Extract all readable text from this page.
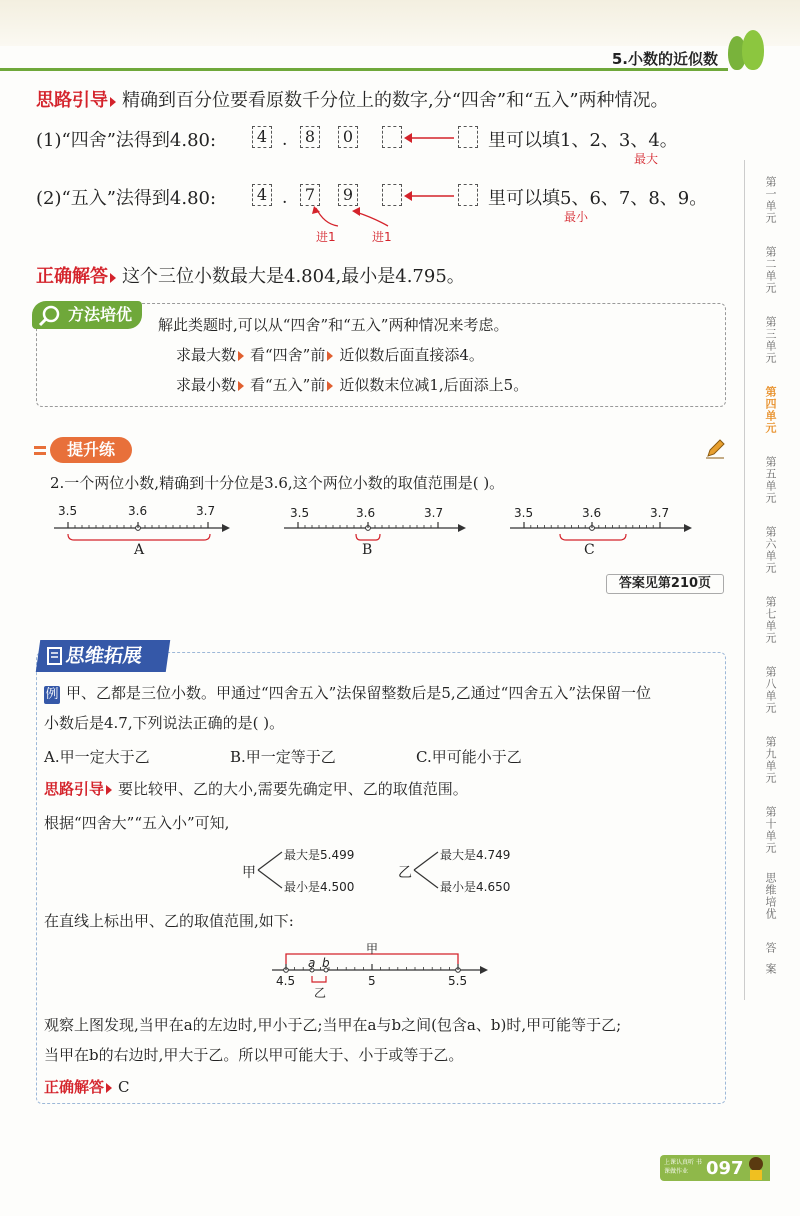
5.小数的近似数
思路引导 精确到百分位要看原数千分位上的数字,分“四舍”和“五入”两种情况。
(1)“四舍”法得到4.80:	4 .	8	0	里可以填1、2、3、4。
最大
(2)“五入”法得到4.80:	4 .	7	9	里可以填5、6、7、8、9。
最小
进1	进1
正确解答 这个三位小数最大是4.804,最小是4.795。
方法培优
解此类题时,可以从“四舍”和“五入”两种情况来考虑。
求最大数 看“四舍”前 近似数后面直接添4。
求最小数 看“五入”前 近似数末位减1,后面添上5。
提升练
2.一个两位小数,精确到十分位是3.6,这个两位小数的取值范围是( )。
3.5	3.6	3.7
A
3.5	3.6	3.7
B
3.5	3.6	3.7
C
答案见第210页
思维拓展
例 甲、乙都是三位小数。甲通过“四舍五入”法保留整数后是5,乙通过“四舍五入”法保留一位
小数后是4.7,下列说法正确的是( )。
A.甲一定大于乙	B.甲一定等于乙	C.甲可能小于乙
思路引导 要比较甲、乙的大小,需要先确定甲、乙的取值范围。
根据“四舍大”“五入小”可知,
甲
最大是5.499
最小是4.500
乙
最大是4.749
最小是4.650
在直线上标出甲、乙的取值范围,如下:
甲
a b
4.5
乙
5	5.5
观察上图发现,当甲在a的左边时,甲小于乙;当甲在a与b之间(包含a、b)时,甲可能等于乙;
当甲在b的右边时,甲大于乙。所以甲可能大于、小于或等于乙。
正确解答 C
第一单元
第二单元
第三单元
第四单元
第五单元
第六单元
第七单元
第八单元
第九单元
第十单元
思维培优
答案
上课认真听 书课做作业 097
